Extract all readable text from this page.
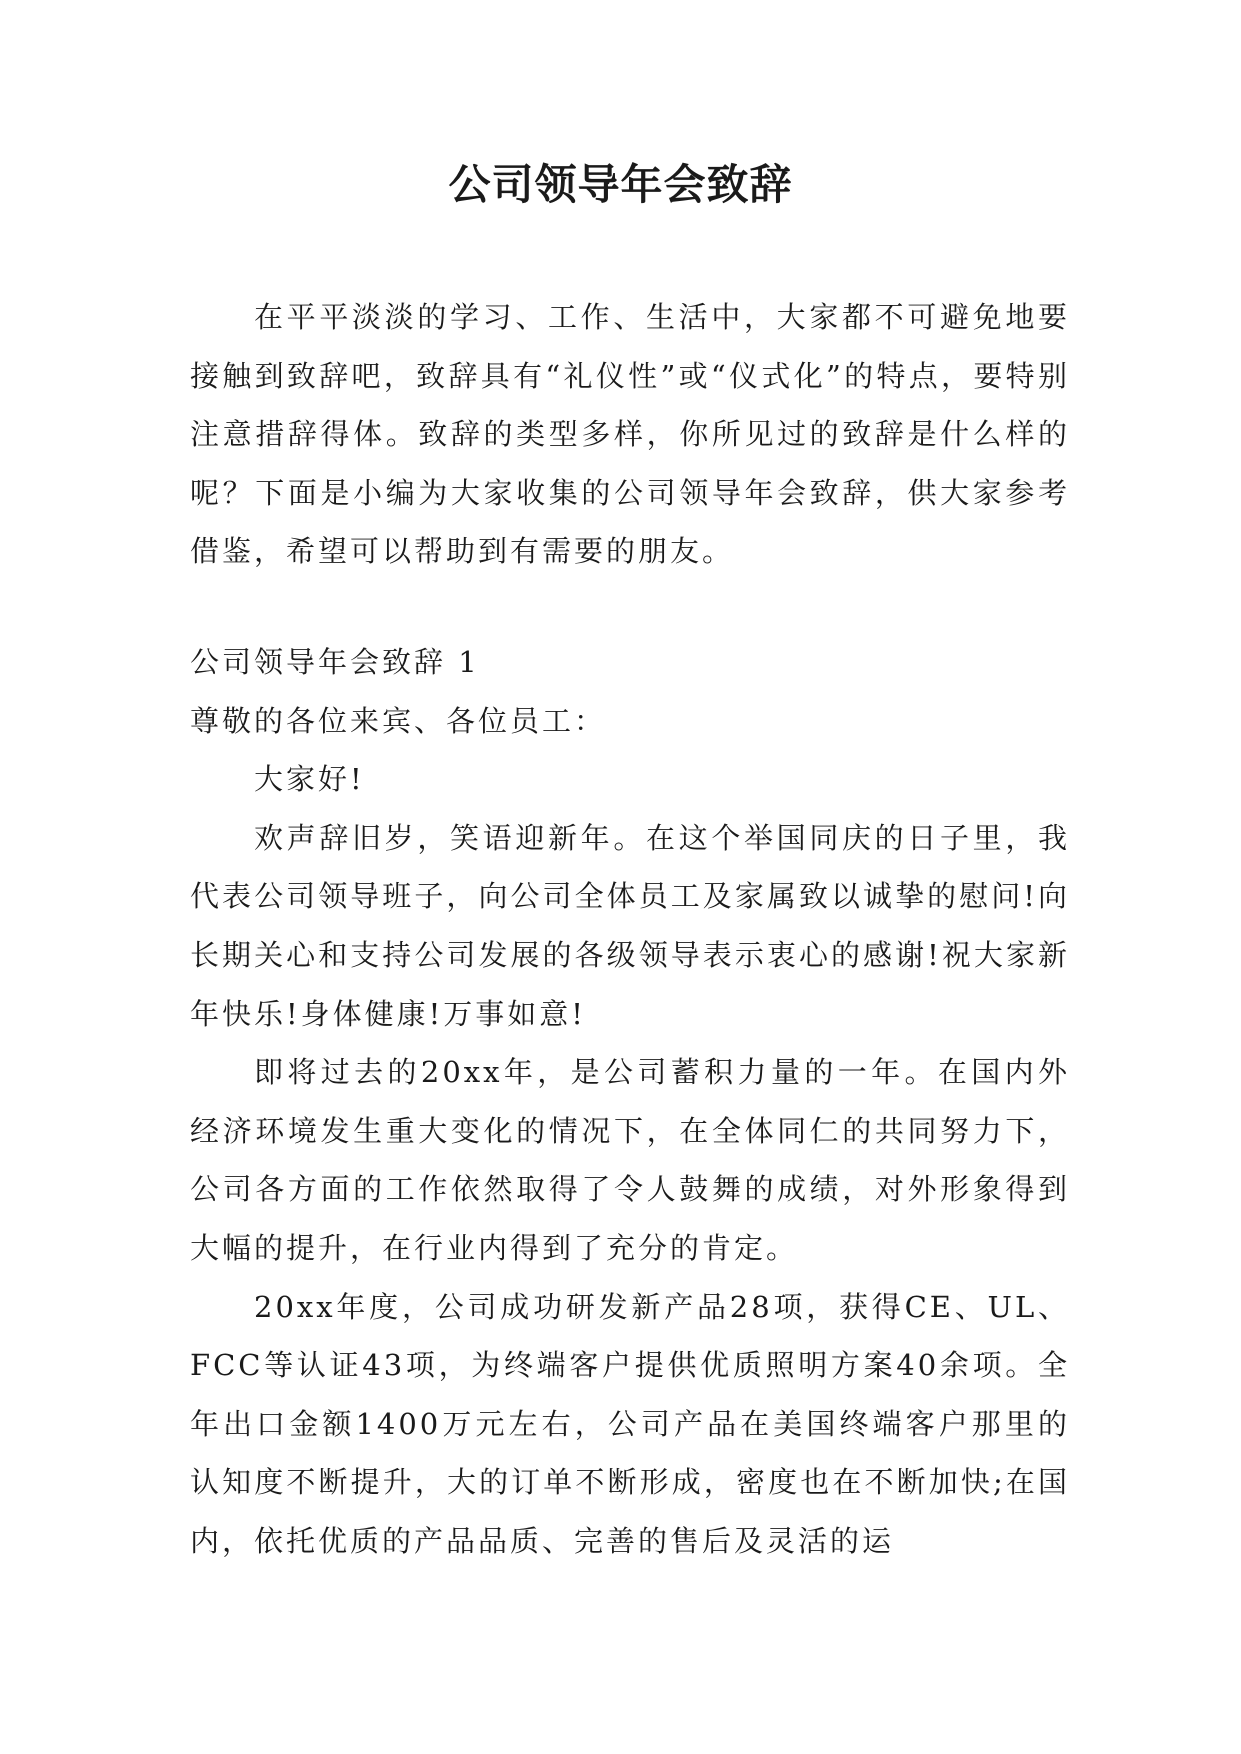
公司领导年会致辞

在平平淡淡的学习、工作、生活中，大家都不可避免地要接触到致辞吧，致辞具有“礼仪性”或“仪式化”的特点，要特别注意措辞得体。致辞的类型多样，你所见过的致辞是什么样的呢？下面是小编为大家收集的公司领导年会致辞，供大家参考借鉴，希望可以帮助到有需要的朋友。

公司领导年会致辞 1

尊敬的各位来宾、各位员工：

大家好!

欢声辞旧岁，笑语迎新年。在这个举国同庆的日子里，我代表公司领导班子，向公司全体员工及家属致以诚挚的慰问!向长期关心和支持公司发展的各级领导表示衷心的感谢!祝大家新年快乐!身体健康!万事如意!

即将过去的20xx年，是公司蓄积力量的一年。在国内外经济环境发生重大变化的情况下，在全体同仁的共同努力下，公司各方面的工作依然取得了令人鼓舞的成绩，对外形象得到大幅的提升，在行业内得到了充分的肯定。

20xx年度，公司成功研发新产品28项，获得CE、UL、FCC等认证43项，为终端客户提供优质照明方案40余项。全年出口金额1400万元左右，公司产品在美国终端客户那里的认知度不断提升，大的订单不断形成，密度也在不断加快;在国内，依托优质的产品品质、完善的售后及灵活的运
